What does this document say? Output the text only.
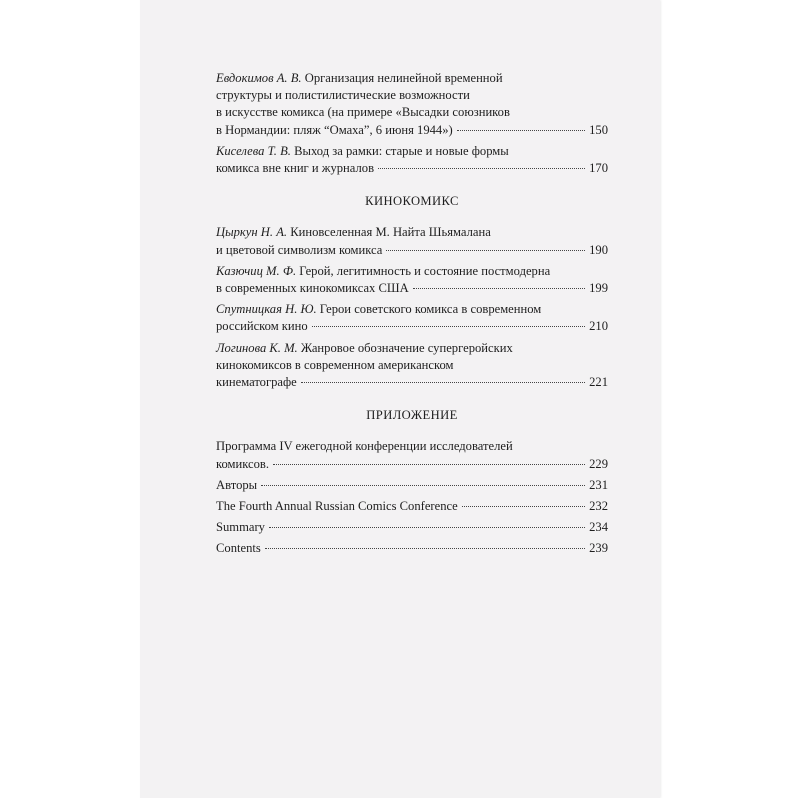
Евдокимов А. В. Организация нелинейной временной
структуры и полистилистические возможности
в искусстве комикса (на примере «Высадки союзников
в Нормандии: пляж “Омаха”, 6 июня 1944»)	150
Киселева Т. В. Выход за рамки: старые и новые формы
комикса вне книг и журналов	170
КИНОКОМИКС
Цыркун Н. А. Киновселенная М. Найта Шьямалана
и цветовой символизм комикса	190
Казючиц М. Ф. Герой, легитимность и состояние постмодерна
в современных кинокомиксах США	199
Спутницкая Н. Ю. Герои советского комикса в современном
российском кино	210
Логинова К. М. Жанровое обозначение супергеройских
кинокомиксов в современном американском
кинематографе	221
ПРИЛОЖЕНИЕ
Программа IV ежегодной конференции исследователей
комиксов.	229
Авторы	231
The Fourth Annual Russian Comics Conference	232
Summary	234
Contents	239
